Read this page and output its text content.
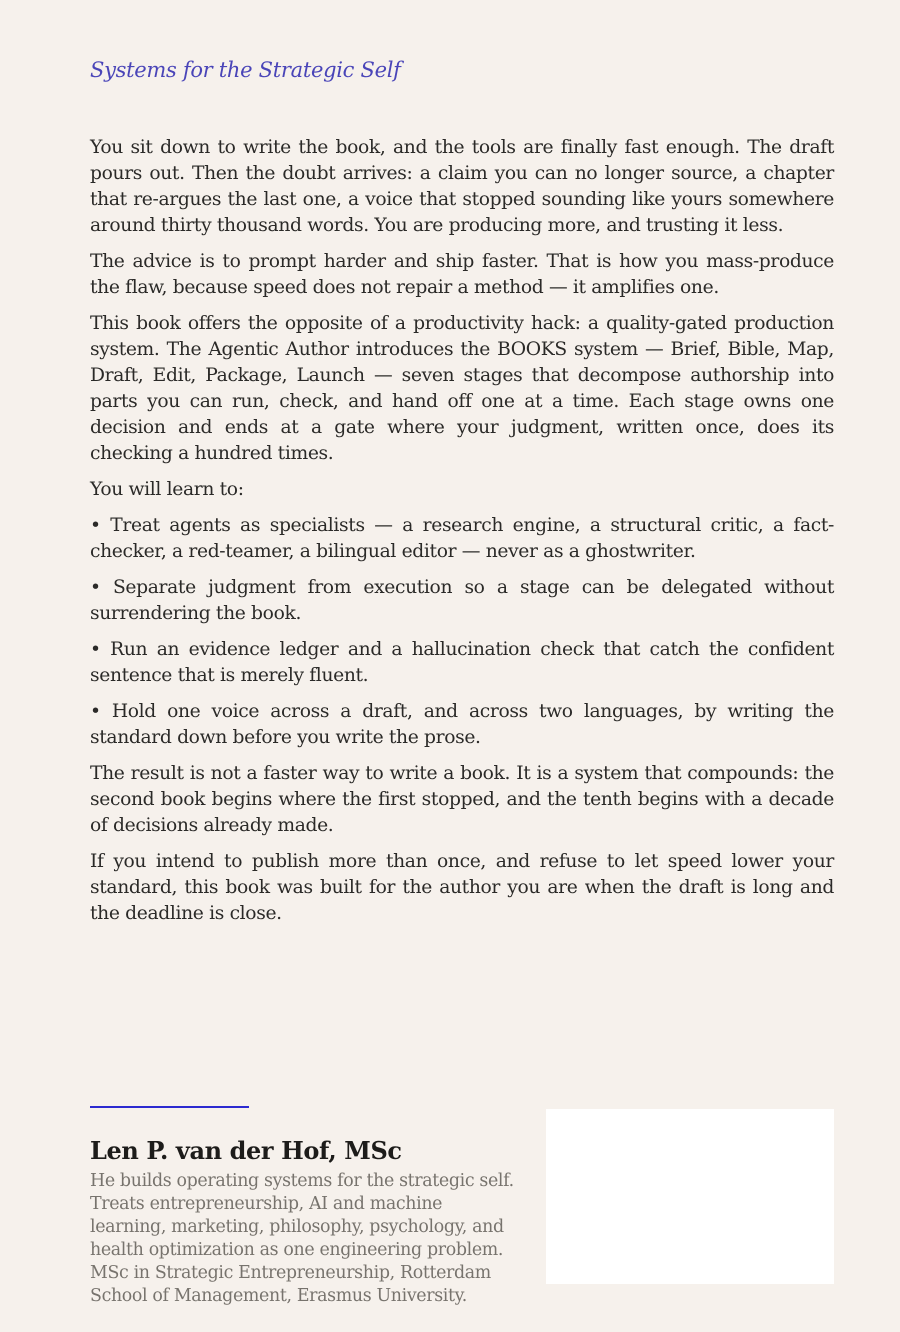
Systems for the Strategic Self

You sit down to write the book, and the tools are finally fast enough. The draft pours out. Then the doubt arrives: a claim you can no longer source, a chapter that re-argues the last one, a voice that stopped sounding like yours somewhere around thirty thousand words. You are producing more, and trusting it less.

The advice is to prompt harder and ship faster. That is how you mass-produce the flaw, because speed does not repair a method — it amplifies one.

This book offers the opposite of a productivity hack: a quality-gated production system. The Agentic Author introduces the BOOKS system — Brief, Bible, Map, Draft, Edit, Package, Launch — seven stages that decompose authorship into parts you can run, check, and hand off one at a time. Each stage owns one decision and ends at a gate where your judgment, written once, does its checking a hundred times.

You will learn to:

• Treat agents as specialists — a research engine, a structural critic, a fact-checker, a red-teamer, a bilingual editor — never as a ghostwriter.

• Separate judgment from execution so a stage can be delegated without surrendering the book.

• Run an evidence ledger and a hallucination check that catch the confident sentence that is merely fluent.

• Hold one voice across a draft, and across two languages, by writing the standard down before you write the prose.

The result is not a faster way to write a book. It is a system that compounds: the second book begins where the first stopped, and the tenth begins with a decade of decisions already made.

If you intend to publish more than once, and refuse to let speed lower your standard, this book was built for the author you are when the draft is long and the deadline is close.

Len P. van der Hof, MSc
He builds operating systems for the strategic self.
Treats entrepreneurship, AI and machine
learning, marketing, philosophy, psychology, and
health optimization as one engineering problem.
MSc in Strategic Entrepreneurship, Rotterdam
School of Management, Erasmus University.
